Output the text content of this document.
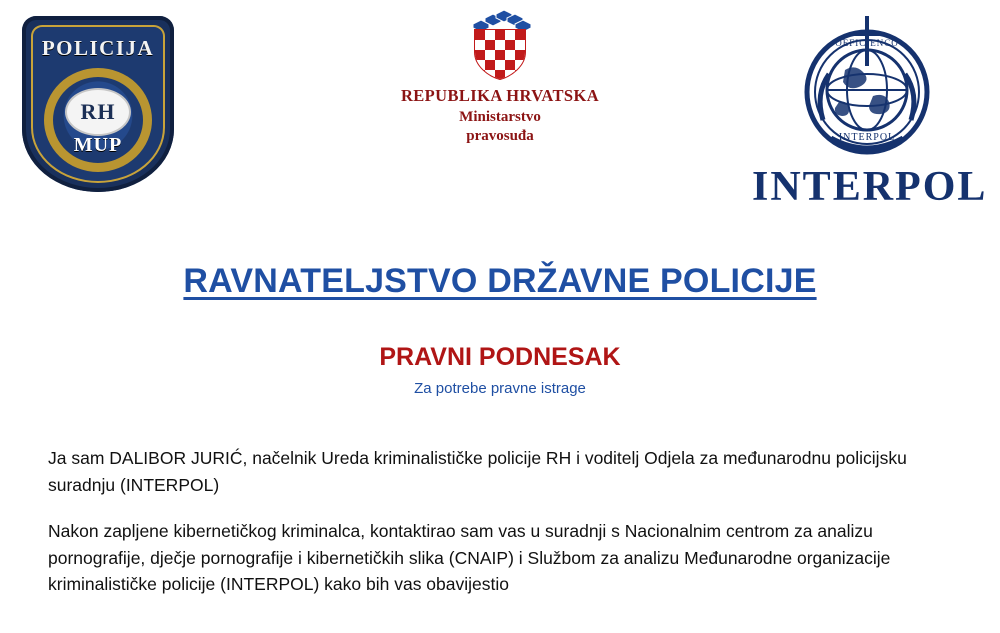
POLICIJA
RH
MUP
REPUBLIKA HRVATSKA
Ministarstvo
pravosuđa
OEFICIENCO
INTERPOL
INTERPOL
RAVNATELJSTVO DRŽAVNE POLICIJE
PRAVNI PODNESAK
Za potrebe pravne istrage

Ja sam DALIBOR JURIĆ, načelnik Ureda kriminalističke policije RH i voditelj Odjela za međunarodnu policijsku suradnju (INTERPOL)

Nakon zapljene kibernetičkog kriminalca, kontaktirao sam vas u suradnji s Nacionalnim centrom za analizu pornografije, dječje pornografije i kibernetičkih slika (CNAIP) i Službom za analizu Međunarodne organizacije kriminalističke policije (INTERPOL) kako bih vas obavijestio
